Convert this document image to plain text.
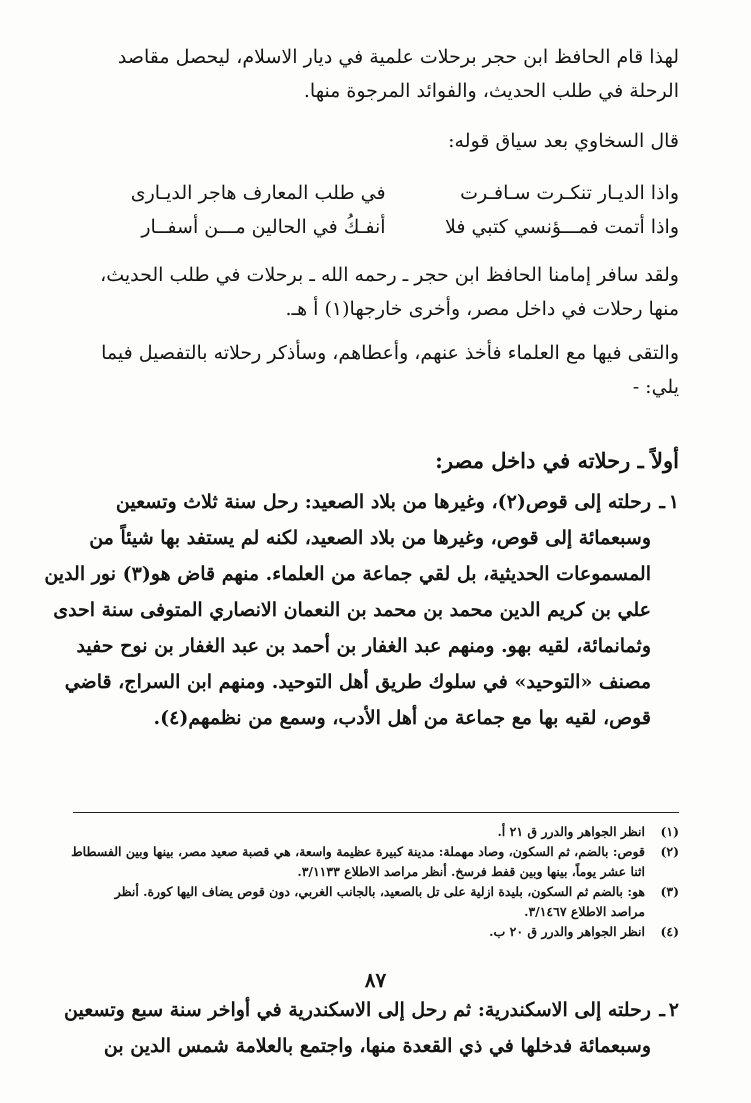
لهذا قام الحافظ ابن حجر برحلات علمية في ديار الاسلام، ليحصل مقاصد
الرحلة في طلب الحديث، والفوائد المرجوة منها.
قال السخاوي بعد سياق قوله:
واذا الديـار تنكـرت سـافـرت
في طلب المعارف هاجر الديـارى
واذا أتمت فمـــؤنسي كتبي فلا
أنفـكُ في الحالين مـــن أسفــار
ولقد سافر إمامنا الحافظ ابن حجر ـ رحمه الله ـ برحلات في طلب الحديث،
منها رحلات في داخل مصر، وأخرى خارجها(١) أ هـ.
والتقى فيها مع العلماء فأخذ عنهم، وأعطاهم، وسأذكر رحلاته بالتفصيل فيما
يلي: -
أولاً ـ رحلاته في داخل مصر:
١
ـ
رحلته إلى قوص(٢)، وغيرها من بلاد الصعيد: رحل سنة ثلاث وتسعين
وسبعمائة إلى قوص، وغيرها من بلاد الصعيد، لكنه لم يستفد بها شيئاً من
المسموعات الحديثية، بل لقي جماعة من العلماء. منهم قاض هو(٣) نور الدين
علي بن كريم الدين محمد بن محمد بن النعمان الانصاري المتوفى سنة احدى
وثمانمائة، لقيه بهو. ومنهم عبد الغفار بن أحمد بن عبد الغفار بن نوح حفيد
مصنف «التوحيد» في سلوك طريق أهل التوحيد. ومنهم ابن السراج، قاضي
قوص، لقيه بها مع جماعة من أهل الأدب، وسمع من نظمهم(٤).
٢
ـ
رحلته إلى الاسكندرية: ثم رحل إلى الاسكندرية في أواخر سنة سبع وتسعين
وسبعمائة فدخلها في ذي القعدة منها، واجتمع بالعلامة شمس الدين بن
(١)
انظر الجواهر والدرر ق ٢١ أ.
(٢)
قوص: بالضم، ثم السكون، وصاد مهملة: مدينة كبيرة عظيمة واسعة، هي قصبة صعيد مصر، بينها وبين الفسطاط
اثنا عشر يوماً، بينها وبين قفط فرسخ. أنظر مراصد الاطلاع ٣/١١٣٣.
(٣)
هو: بالضم ثم السكون، بليدة ازلية على تل بالصعيد، بالجانب الغربي، دون قوص يضاف اليها كورة. أنظر
مراصد الاطلاع ٣/١٤٦٧.
(٤)
انظر الجواهر والدرر ق ٢٠ ب.
٨٧
